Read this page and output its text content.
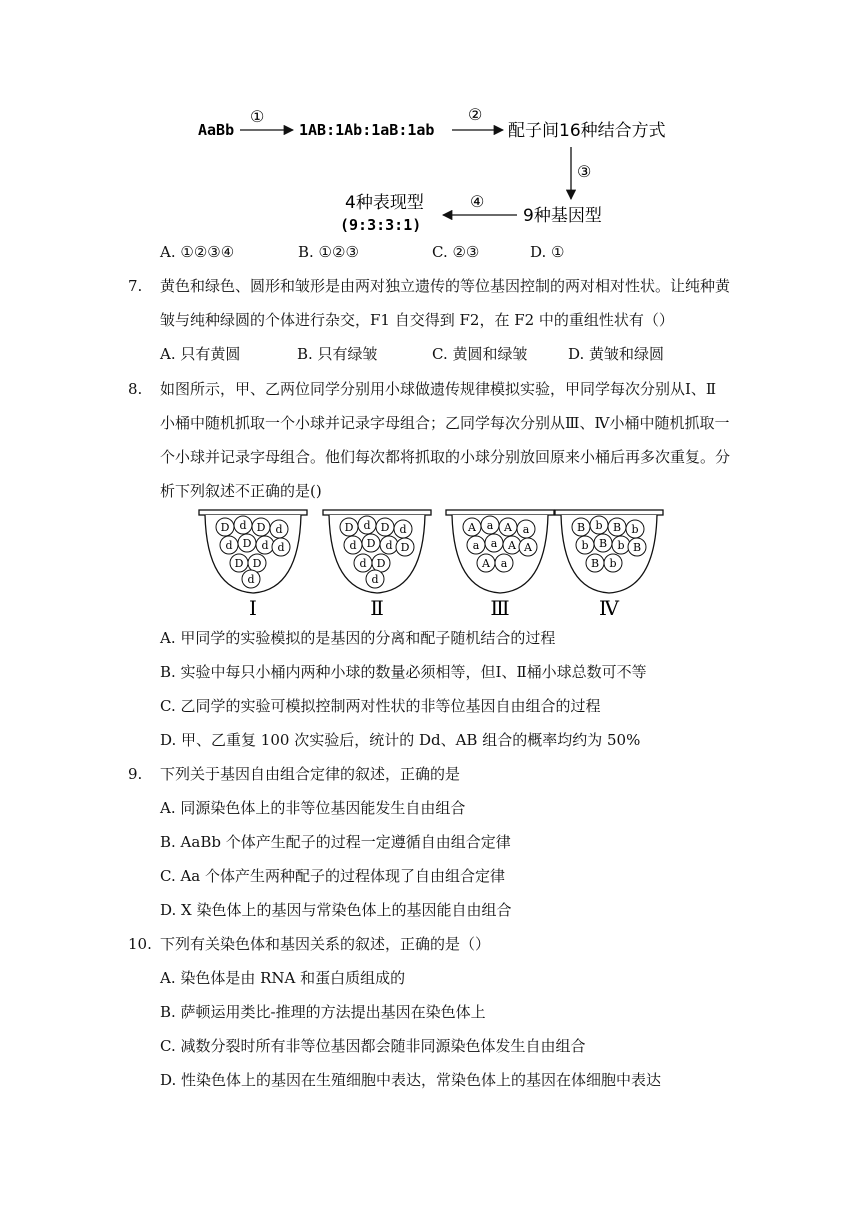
AaBb
①
1AB:1Ab:1aB:1ab
②
配子间16种结合方式
③
9种基因型
④
4种表现型
(9:3:3:1)
A. ①②③④	B. ①②③	C. ②③	D. ①
7. 黄色和绿色、圆形和皱形是由两对独立遗传的等位基因控制的两对相对性状。让纯种黄
皱与纯种绿圆的个体进行杂交，F1 自交得到 F2，在 F2 中的重组性状有（）
A. 只有黄圆	B. 只有绿皱	C. 黄圆和绿皱	D. 黄皱和绿圆
8. 如图所示，甲、乙两位同学分别用小球做遗传规律模拟实验，甲同学每次分别从Ⅰ、Ⅱ
小桶中随机抓取一个小球并记录字母组合；乙同学每次分别从Ⅲ、Ⅳ小桶中随机抓取一
个小球并记录字母组合。他们每次都将抓取的小球分别放回原来小桶后再多次重复。分
析下列叙述不正确的是()
D d D d
d D d d
D D
d
Ⅰ
D d D d
d D d D
d D
d
Ⅱ
A a A a
a a A A
A a
Ⅲ
B b B b
b B b B
B b
Ⅳ
A. 甲同学的实验模拟的是基因的分离和配子随机结合的过程
B. 实验中每只小桶内两种小球的数量必须相等，但Ⅰ、Ⅱ桶小球总数可不等
C. 乙同学的实验可模拟控制两对性状的非等位基因自由组合的过程
D. 甲、乙重复 100 次实验后，统计的 Dd、AB 组合的概率均约为 50%
9. 下列关于基因自由组合定律的叙述，正确的是
A. 同源染色体上的非等位基因能发生自由组合
B. AaBb 个体产生配子的过程一定遵循自由组合定律
C. Aa 个体产生两种配子的过程体现了自由组合定律
D. X 染色体上的基因与常染色体上的基因能自由组合
10. 下列有关染色体和基因关系的叙述，正确的是（）
A. 染色体是由 RNA 和蛋白质组成的
B. 萨顿运用类比-推理的方法提出基因在染色体上
C. 减数分裂时所有非等位基因都会随非同源染色体发生自由组合
D. 性染色体上的基因在生殖细胞中表达，常染色体上的基因在体细胞中表达
